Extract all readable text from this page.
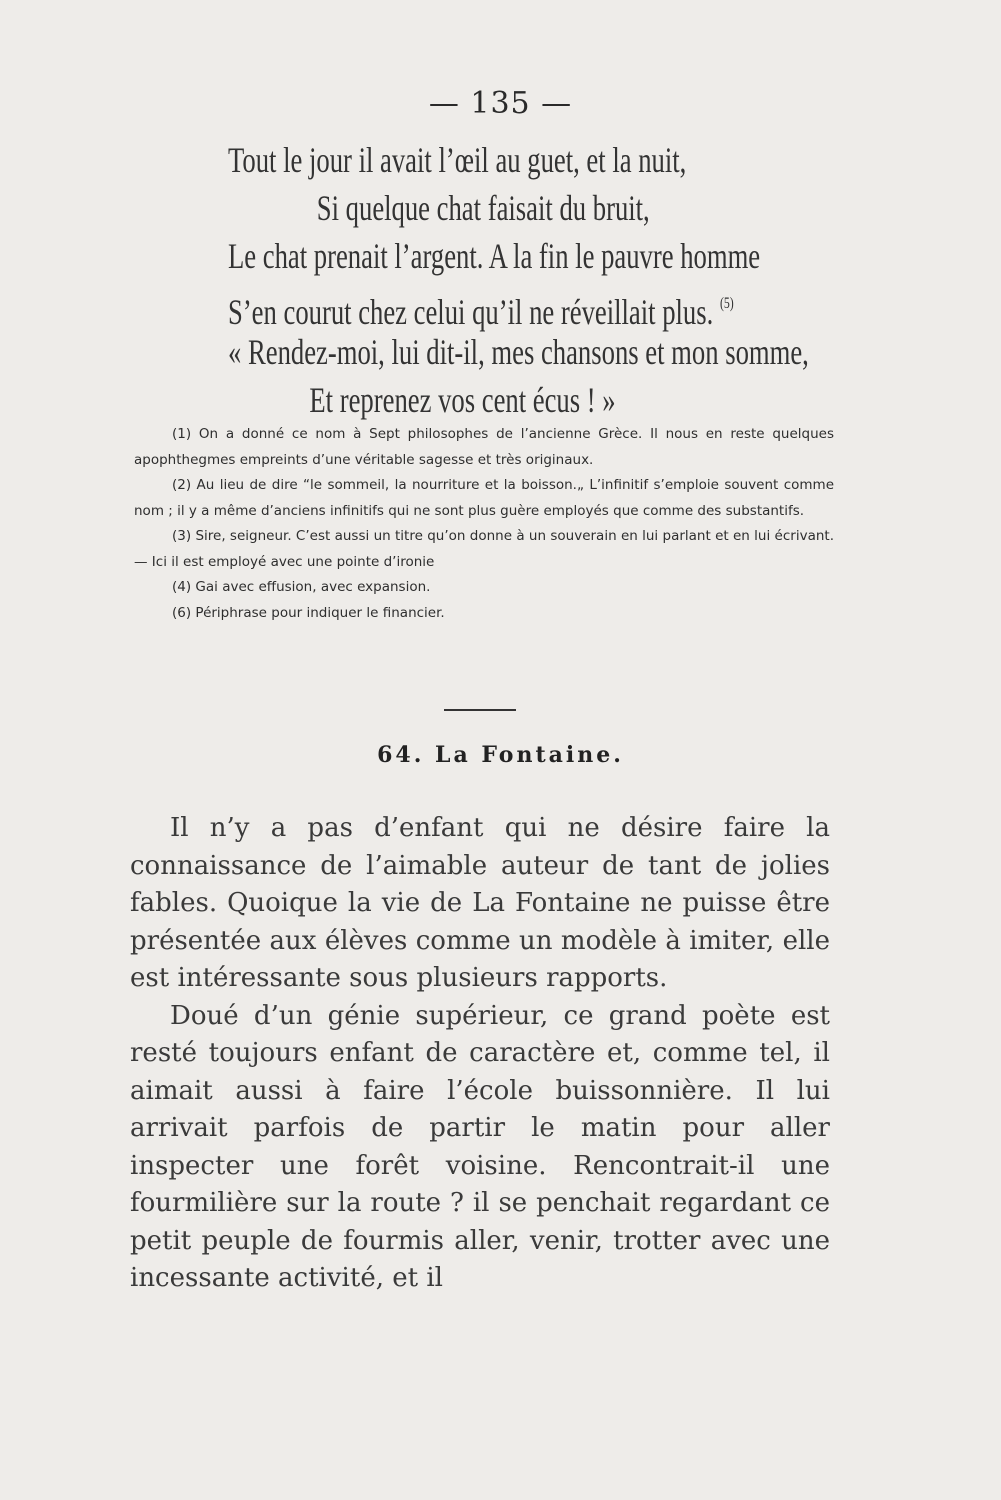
— 135 —
Tout le jour il avait l’œil au guet, et la nuit,
Si quelque chat faisait du bruit,
Le chat prenait l’argent. A la fin le pauvre homme
S’en courut chez celui qu’il ne réveillait plus. $^{(5)}$
« Rendez-moi, lui dit-il, mes chansons et mon somme,
Et reprenez vos cent écus ! »

(1) On a donné ce nom à Sept philosophes de l’ancienne Grèce. Il nous en reste quelques apophthegmes empreints d’une véritable sagesse et très originaux.

(2) Au lieu de dire “le sommeil, la nourriture et la boisson.„ L’infinitif s’emploie souvent comme nom ; il y a même d’anciens infinitifs qui ne sont plus guère employés que comme des substantifs.

(3) Sire, seigneur. C’est aussi un titre qu’on donne à un souverain en lui parlant et en lui écrivant. — Ici il est employé avec une pointe d’ironie

(4) Gai avec effusion, avec expansion.

(6) Périphrase pour indiquer le financier.

64. La Fontaine.

Il n’y a pas d’enfant qui ne désire faire la connaissance de l’aimable auteur de tant de jolies fables. Quoique la vie de La Fontaine ne puisse être présentée aux élèves comme un modèle à imiter, elle est intéressante sous plusieurs rapports.

Doué d’un génie supérieur, ce grand poète est resté toujours enfant de caractère et, comme tel, il aimait aussi à faire l’école buissonnière. Il lui arrivait parfois de partir le matin pour aller inspecter une forêt voisine. Rencontrait-il une fourmilière sur la route ? il se penchait regardant ce petit peuple de fourmis aller, venir, trotter avec une incessante activité, et il
